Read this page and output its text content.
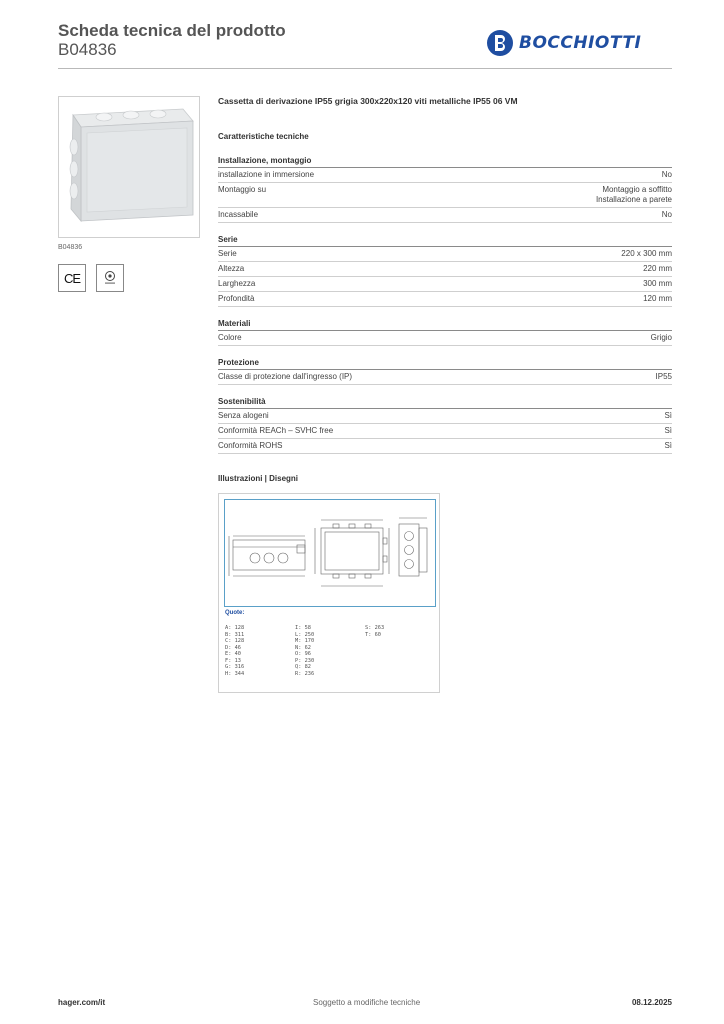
Scheda tecnica del prodotto
B04836	BOCCHIOTTI
B04836
CE
Cassetta di derivazione IP55 grigia 300x220x120 viti metalliche IP55 06 VM
Caratteristiche tecniche
Installazione, montaggio
installazione in immersione	No
Montaggio su	Montaggio a soffitto
Installazione a parete
Incassabile	No
Serie
Serie	220 x 300 mm
Altezza	220 mm
Larghezza	300 mm
Profondità	120 mm
Materiali
Colore	Grigio
Protezione
Classe di protezione dall'ingresso (IP)	IP55
Sostenibilità
Senza alogeni	Sì
Conformità REACh – SVHC free	Sì
Conformità ROHS	Sì
Illustrazioni | Disegni
Quote:
A: 128
B: 311
C: 128
D: 46
E: 40
F: 13
G: 316
H: 344
I: 58
L: 250
M: 170
N: 62
O: 96
P: 230
Q: 82
R: 236
S: 263
T: 60
hager.com/it	Soggetto a modifiche tecniche	08.12.2025
